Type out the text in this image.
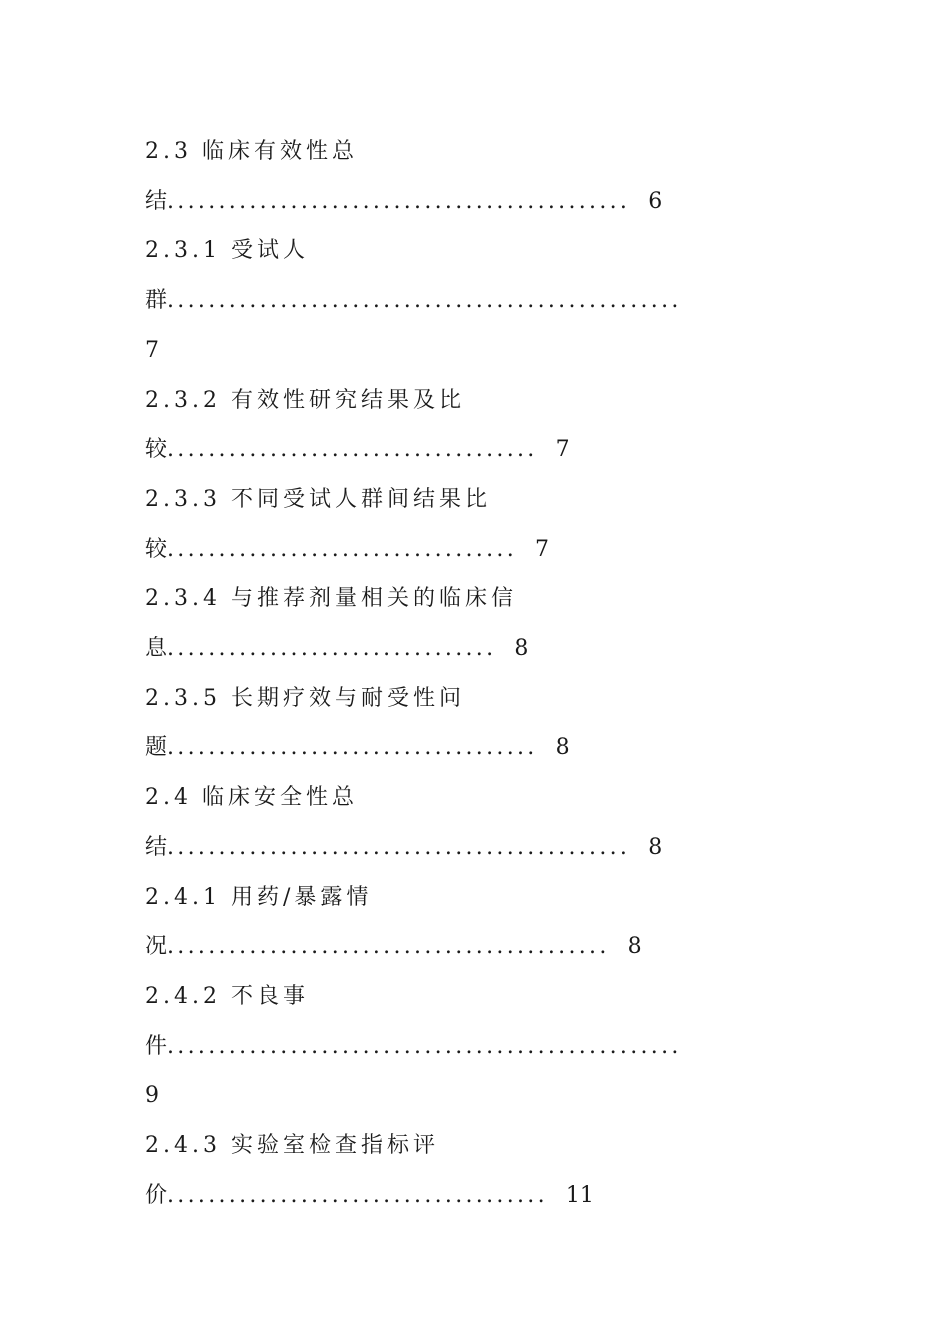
2.3 临床有效性总
结............................................. 6
2.3.1 受试人
群..................................................
7
2.3.2 有效性研究结果及比
较.................................... 7
2.3.3 不同受试人群间结果比
较.................................. 7
2.3.4 与推荐剂量相关的临床信
息................................ 8
2.3.5 长期疗效与耐受性问
题.................................... 8
2.4 临床安全性总
结............................................. 8
2.4.1 用药/暴露情
况........................................... 8
2.4.2 不良事
件..................................................
9
2.4.3 实验室检查指标评
价..................................... 11
